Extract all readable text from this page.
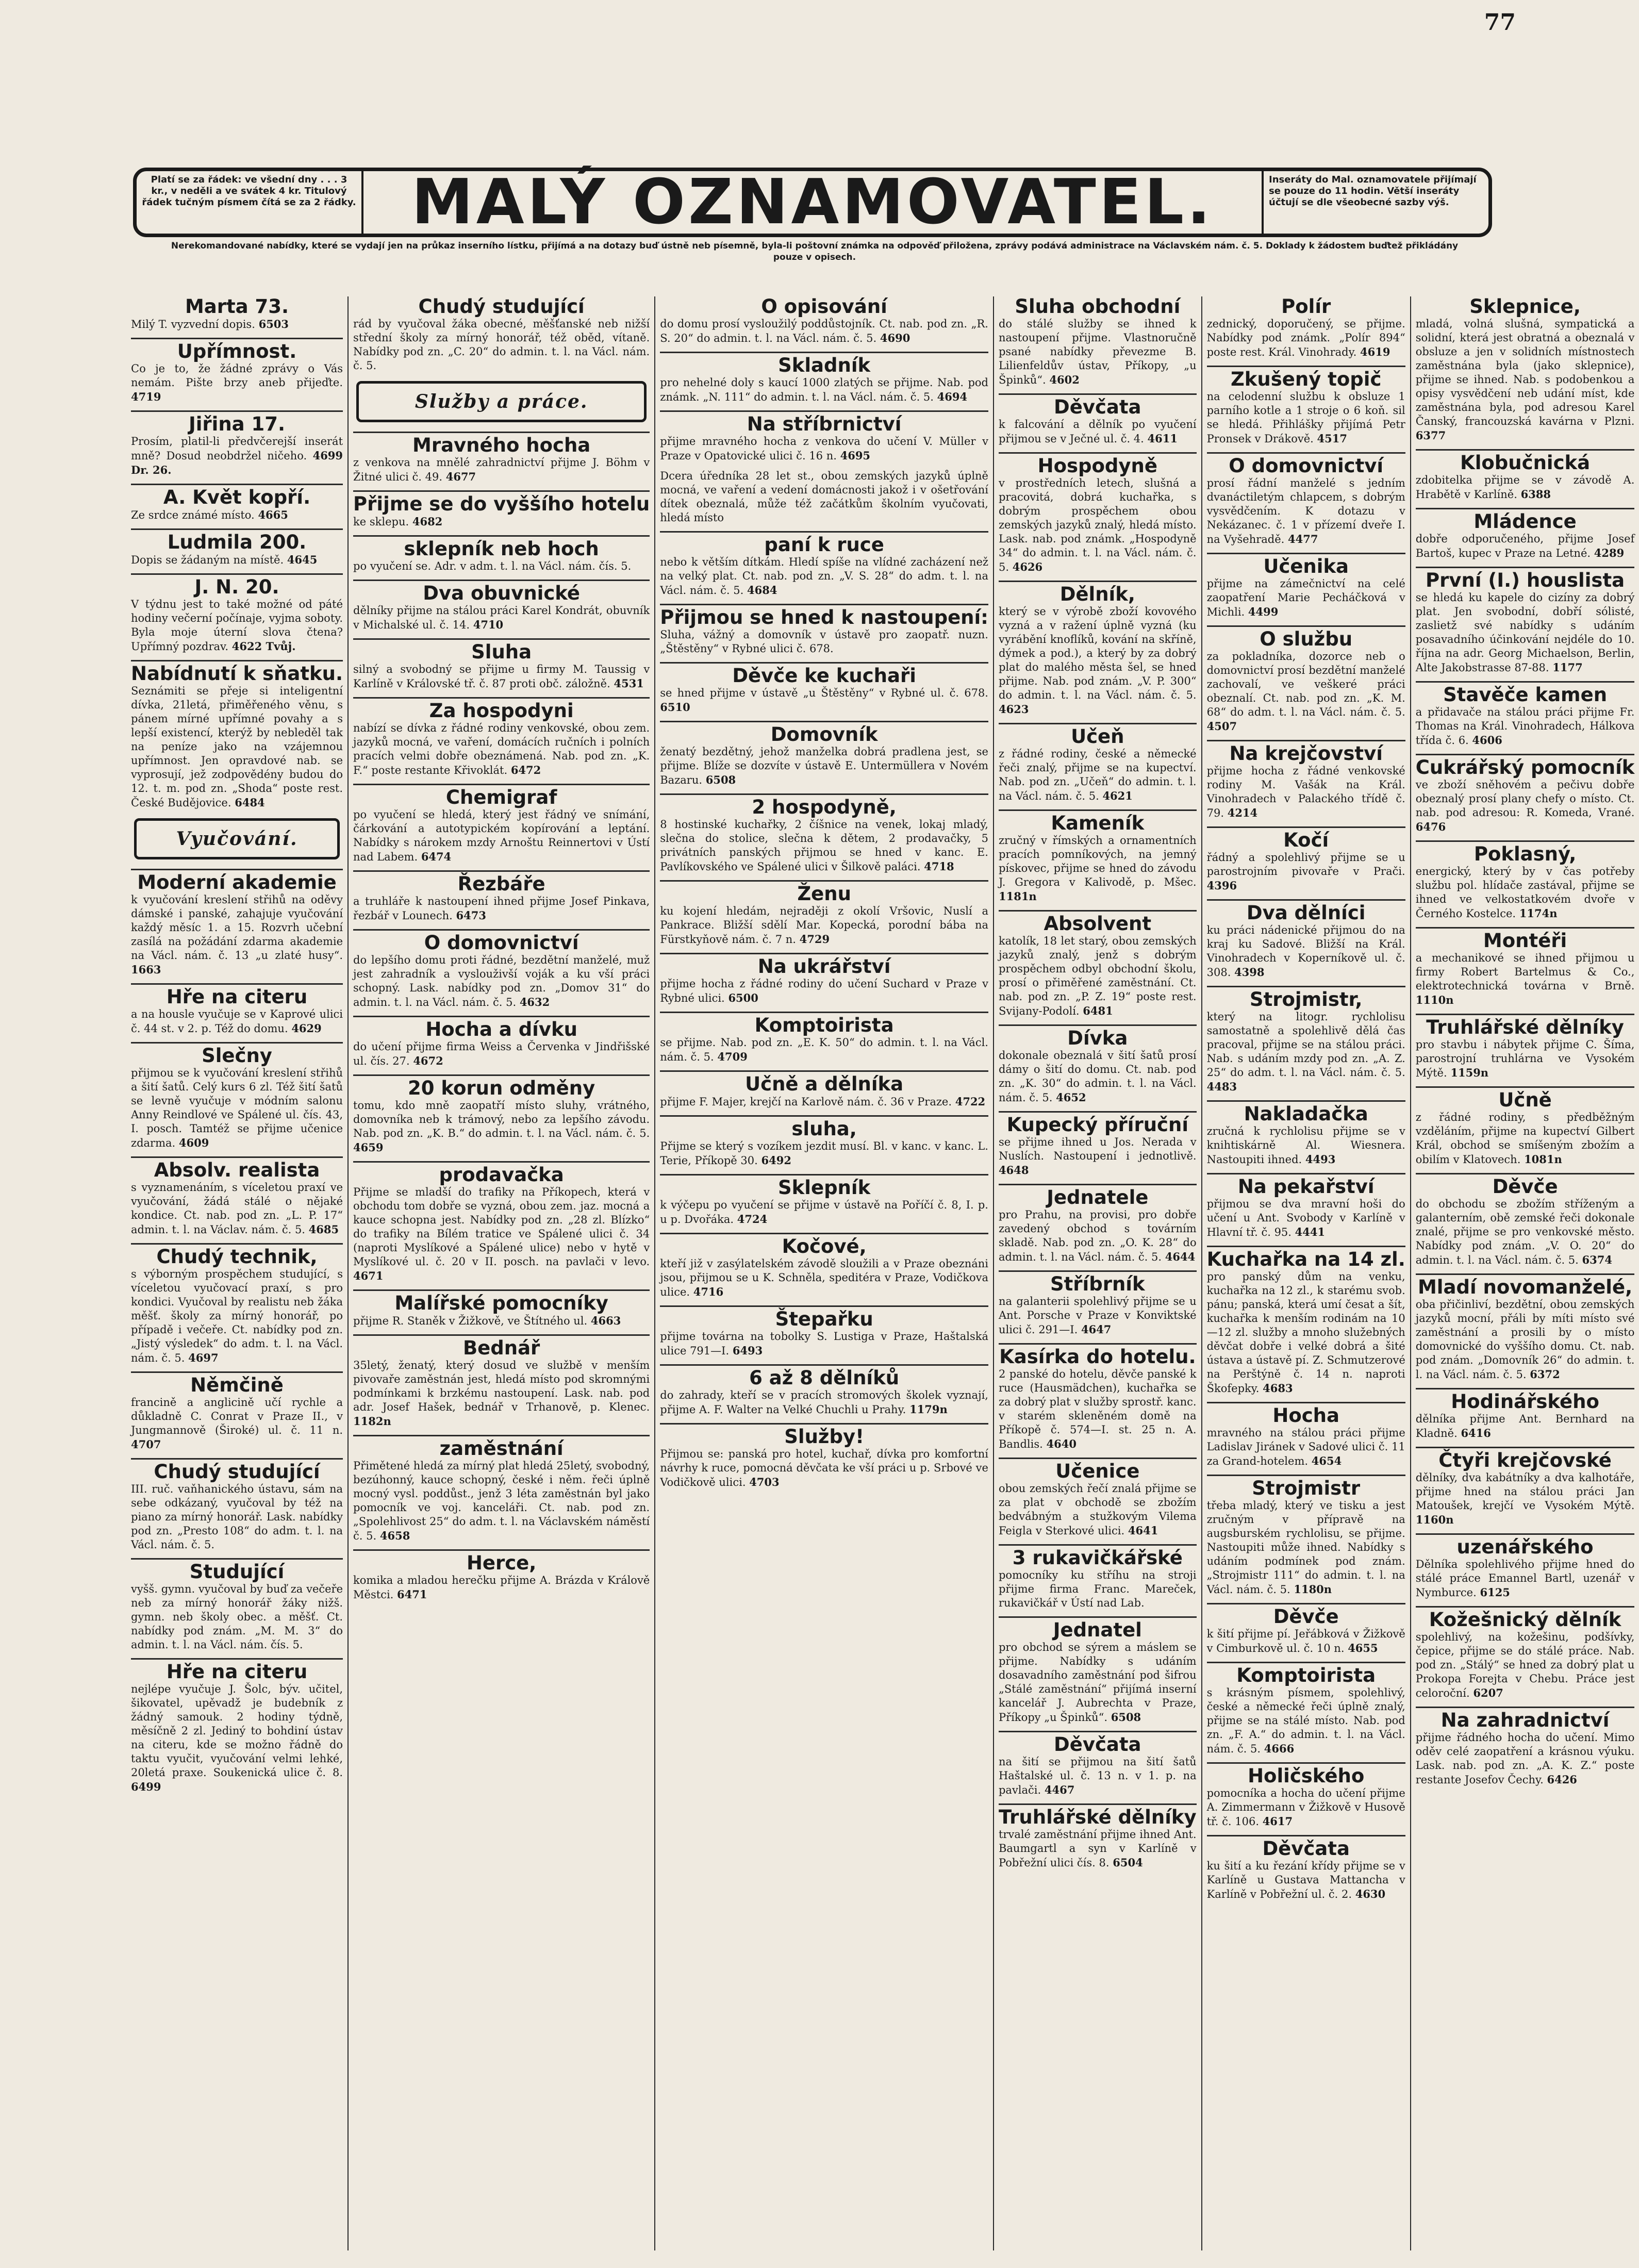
77
Platí se za řádek: ve všední dny . . . 3 kr., v neděli a ve svátek 4 kr. Titulový řádek tučným písmem čítá se za 2 řádky. MALÝ OZNAMOVATEL.	Inseráty do Mal. oznamovatele přijímají se pouze do 11 hodin. Větší inseráty účtují se dle všeobecné sazby výš.
Nerekomandované nabídky, které se vydají jen na průkaz inserního lístku, přijímá a na dotazy buď ústně neb písemně, byla-li poštovní známka na odpověď přiložena, zprávy podává administrace na Václavském nám. č. 5. Doklady k žádostem buďtež přikládány pouze v opisech.
Marta 73.
Milý T. vyzvední dopis. 6503
Upřímnost.
Co je to, že žádné zprávy o Vás nemám. Pište brzy aneb přijeďte. 4719
Jiřina 17.
Prosím, platil-li předvčerejší inserát mně? Dosud neobdržel ničeho. 4699 Dr. 26.
A. Květ kopří.
Ze srdce známé místo. 4665
Ludmila 200.
Dopis se žádaným na místě. 4645
J. N. 20.
V týdnu jest to také možné od páté hodiny večerní počínaje, vyjma soboty. Byla moje úterní slova čtena? Upřímný pozdrav. 4622 Tvůj.
Nabídnutí k sňatku.
Seznámiti se přeje si inteligentní dívka, 21letá, přiměřeného věnu, s pánem mírné upřímné povahy a s lepší existencí, kterýž by nebleděl tak na peníze jako na vzájemnou upřímnost. Jen opravdové nab. se vyprosují, jež zodpovědény budou do 12. t. m. pod zn. „Shoda“ poste rest. České Budějovice. 6484
Vyučování.
Moderní akademie
k vyučování kreslení střihů na oděvy dámské i panské, zahajuje vyučování každý měsíc 1. a 15. Rozvrh učební zasílá na požádání zdarma akademie na Václ. nám. č. 13 „u zlaté husy“. 1663
Hře na citeru
a na housle vyučuje se v Kaprové ulici č. 44 st. v 2. p. Též do domu. 4629
Slečny
přijmou se k vyučování kreslení střihů a šití šatů. Celý kurs 6 zl. Též šití šatů se levně vyučuje v módním salonu Anny Reindlové ve Spálené ul. čís. 43, I. posch. Tamtéž se přijme učenice zdarma. 4609
Absolv. realista
s vyznamenáním, s víceletou praxí ve vyučování, žádá stálé o nějaké kondice. Ct. nab. pod zn. „L. P. 17“ admin. t. l. na Václav. nám. č. 5. 4685
Chudý technik,
s výborným prospěchem studující, s víceletou vyučovací praxí, s pro kondici. Vyučoval by realistu neb žáka měšť. školy za mírný honorář, po případě i večeře. Ct. nabídky pod zn. „Jistý výsledek“ do adm. t. l. na Václ. nám. č. 5. 4697
Němčině
francině a anglicině učí rychle a důkladně C. Conrat v Praze II., v Jungmannově (Široké) ul. č. 11 n. 4707
Chudý studující
III. ruč. vaňhanického ústavu, sám na sebe odkázaný, vyučoval by též na piano za mírný honorář. Lask. nabídky pod zn. „Presto 108“ do adm. t. l. na Václ. nám. č. 5.
Studující
vyšš. gymn. vyučoval by buď za večeře neb za mírný honorář žáky nižš. gymn. neb školy obec. a měšť. Ct. nabídky pod znám. „M. M. 3“ do admin. t. l. na Václ. nám. čís. 5.
Hře na citeru
nejlépe vyučuje J. Šolc, býv. učitel, šikovatel, upěvadž je budebník z žádný samouk. 2 hodiny týdně, měsíčně 2 zl. Jediný to bohdiní ústav na citeru, kde se možno řádně do taktu vyučit, vyučování velmi lehké, 20letá praxe. Soukenická ulice č. 8. 6499
Chudý studující
rád by vyučoval žáka obecné, měšťanské neb nižší střední školy za mírný honorář, též oběd, vítaně. Nabídky pod zn. „C. 20“ do admin. t. l. na Václ. nám. č. 5.
Služby a práce.
Mravného hocha
z venkova na mnělé zahradnictví přijme J. Böhm v Žitné ulici č. 49. 4677
Přijme se do vyššího hotelu
ke sklepu. 4682
sklepník neb hoch
po vyučení se. Adr. v adm. t. l. na Václ. nám. čís. 5.
Dva obuvnické
dělníky přijme na stálou práci Karel Kondrát, obuvník v Michalské ul. č. 14. 4710
Sluha
silný a svobodný se přijme u firmy M. Taussig v Karlíně v Královské tř. č. 87 proti obč. záložně. 4531
Za hospodyni
nabízí se dívka z řádné rodiny venkovské, obou zem. jazyků mocná, ve vaření, domácích ručních i polních pracích velmi dobře obeznámená. Nab. pod zn. „K. F.“ poste restante Křivoklát. 6472
Chemigraf
po vyučení se hledá, který jest řádný ve snímání, čárkování a autotypickém kopírování a leptání. Nabídky s nárokem mzdy Arnoštu Reinnertovi v Ústí nad Labem. 6474
Řezbáře
a truhláře k nastoupení ihned přijme Josef Pinkava, řezbář v Lounech. 6473
O domovnictví
do lepšího domu proti řádné, bezdětní manželé, muž jest zahradník a vyslouživší voják a ku vší práci schopný. Lask. nabídky pod zn. „Domov 31“ do admin. t. l. na Václ. nám. č. 5. 4632
Hocha a dívku
do učení přijme firma Weiss a Červenka v Jindřišské ul. čís. 27. 4672
20 korun odměny
tomu, kdo mně zaopatří místo sluhy, vrátného, domovníka neb k trámový, nebo za lepšího závodu. Nab. pod zn. „K. B.“ do admin. t. l. na Václ. nám. č. 5. 4659
prodavačka
Přijme se mladší do trafiky na Příkopech, která v obchodu tom dobře se vyzná, obou zem. jaz. mocná a kauce schopna jest. Nabídky pod zn. „28 zl. Blízko“ do trafiky na Bílém tratice ve Spálené ulici č. 34 (naproti Myslíkové a Spálené ulice) nebo v hytě v Myslíkové ul. č. 20 v II. posch. na pavlači v levo. 4671
Malířské pomocníky
přijme R. Staněk v Žižkově, ve Štítného ul. 4663
Bednář
35letý, ženatý, který dosud ve službě v menším pivovaře zaměstnán jest, hledá místo pod skromnými podmínkami k brzkému nastoupení. Lask. nab. pod adr. Josef Hašek, bednář v Trhanově, p. Klenec. 1182n
zaměstnání
Přimětené hledá za mírný plat hledá 25letý, svobodný, bezúhonný, kauce schopný, české i něm. řeči úplně mocný vysl. poddůst., jenž 3 léta zaměstnán byl jako pomocník ve voj. kanceláři. Ct. nab. pod zn. „Spolehlivost 25“ do adm. t. l. na Václavském náměstí č. 5. 4658
Herce,
komika a mladou herečku přijme A. Brázda v Králově Městci. 6471
O opisování
do domu prosí vysloužilý poddůstojník. Ct. nab. pod zn. „R. S. 20“ do admin. t. l. na Václ. nám. č. 5. 4690
Skladník
pro nehelné doly s kaucí 1000 zlatých se přijme. Nab. pod známk. „N. 111“ do admin. t. l. na Václ. nám. č. 5. 4694
Na stříbrnictví
přijme mravného hocha z venkova do učení V. Müller v Praze v Opatovické ulici č. 16 n. 4695
Dcera úředníka 28 let st., obou zemských jazyků úplně mocná, ve vaření a vedení domácnosti jakož i v ošetřování dítek obeznalá, může též začátkům školním vyučovati, hledá místo
paní k ruce
nebo k větším dítkám. Hledí spíše na vlídné zacházení než na velký plat. Ct. nab. pod zn. „V. S. 28“ do adm. t. l. na Václ. nám. č. 5. 4684
Přijmou se hned k nastoupení:
Sluha, vážný a domovník v ústavě pro zaopatř. nuzn. „Štěstěny“ v Rybné ulici č. 678.
Děvče ke kuchaři
se hned přijme v ústavě „u Štěstěny“ v Rybné ul. č. 678. 6510
Domovník
ženatý bezdětný, jehož manželka dobrá pradlena jest, se přijme. Blíže se dozvíte v ústavě E. Untermüllera v Novém Bazaru. 6508
2 hospodyně,
8 hostinské kuchařky, 2 číšnice na venek, lokaj mladý, slečna do stolice, slečna k dětem, 2 prodavačky, 5 privátních panských přijmou se hned v kanc. E. Pavlíkovského ve Spálené ulici v Šilkově paláci. 4718
Ženu
ku kojení hledám, nejraději z okolí Vršovic, Nuslí a Pankrace. Bližší sdělí Mar. Kopecká, porodní bába na Fürstkyňově nám. č. 7 n. 4729
Na ukrářství
přijme hocha z řádné rodiny do učení Suchard v Praze v Rybné ulici. 6500
Komptoirista
se přijme. Nab. pod zn. „E. K. 50“ do admin. t. l. na Václ. nám. č. 5. 4709
Učně a dělníka
přijme F. Majer, krejčí na Karlově nám. č. 36 v Praze. 4722
sluha,
Přijme se který s vozíkem jezdit musí. Bl. v kanc. v kanc. L. Terie, Příkopě 30. 6492
Sklepník
k výčepu po vyučení se přijme v ústavě na Poříčí č. 8, I. p. u p. Dvořáka. 4724
Kočové,
kteří již v zasýlatelském závodě sloužili a v Praze obeznáni jsou, přijmou se u K. Schněla, speditéra v Praze, Vodičkova ulice. 4716
Štepařku
přijme továrna na tobolky S. Lustiga v Praze, Haštalská ulice 791—I. 6493
6 až 8 dělníků
do zahrady, kteří se v pracích stromových školek vyznají, přijme A. F. Walter na Velké Chuchli u Prahy. 1179n
Služby!
Přijmou se: panská pro hotel, kuchař, dívka pro komfortní návrhy k ruce, pomocná děvčata ke vší práci u p. Srbové ve Vodičkově ulici. 4703
Sluha obchodní
do stálé služby se ihned k nastoupení přijme. Vlastnoručně psané nabídky převezme B. Lilienfeldův ústav, Příkopy, „u Špinků“. 4602
Děvčata
k falcování a dělník po vyučení přijmou se v Ječné ul. č. 4. 4611
Hospodyně
v prostředních letech, slušná a pracovitá, dobrá kuchařka, s dobrým prospěchem obou zemských jazyků znalý, hledá místo. Lask. nab. pod známk. „Hospodyně 34“ do admin. t. l. na Václ. nám. č. 5. 4626
Dělník,
který se v výrobě zboží kovového vyzná a v ražení úplně vyzná (ku vyrábění knoflíků, kování na skříně, dýmek a pod.), a který by za dobrý plat do malého města šel, se hned přijme. Nab. pod znám. „V. P. 300“ do admin. t. l. na Václ. nám. č. 5. 4623
Učeň
z řádné rodiny, české a německé řeči znalý, přijme se na kupectví. Nab. pod zn. „Učeň“ do admin. t. l. na Václ. nám. č. 5. 4621
Kameník
zručný v římských a ornamentních pracích pomníkových, na jemný pískovec, přijme se hned do závodu J. Gregora v Kalivodě, p. Mšec. 1181n
Absolvent
katolík, 18 let starý, obou zemských jazyků znalý, jenž s dobrým prospěchem odbyl obchodní školu, prosí o přiměřené zaměstnání. Ct. nab. pod zn. „P. Z. 19“ poste rest. Svijany-Podolí. 6481
Dívka
dokonale obeznalá v šití šatů prosí dámy o šití do domu. Ct. nab. pod zn. „K. 30“ do admin. t. l. na Václ. nám. č. 5. 4652
Kupecký příruční
se přijme ihned u Jos. Nerada v Nuslích. Nastoupení i jednotlivě. 4648
Jednatele
pro Prahu, na provisi, pro dobře zavedený obchod s továrním skladě. Nab. pod zn. „O. K. 28“ do admin. t. l. na Václ. nám. č. 5. 4644
Stříbrník
na galanterii spolehlivý přijme se u Ant. Porsche v Praze v Konviktské ulici č. 291—I. 4647
Kasírka do hotelu.
2 panské do hotelu, děvče panské k ruce (Hausmädchen), kuchařka se za dobrý plat v služby sprostř. kanc. v starém skleněném domě na Příkopě č. 574—I. st. 25 n. A. Bandlis. 4640
Učenice
obou zemských řečí znalá přijme se za plat v obchodě se zbožím bedvábným a stužkovým Vilema Feigla v Sterkové ulici. 4641
3 rukavičkářské
pomocníky ku stříhu na stroji přijme firma Franc. Mareček, rukavičkář v Ústí nad Lab.
Jednatel
pro obchod se sýrem a máslem se přijme. Nabídky s udáním dosavadního zaměstnání pod šifrou „Stálé zaměstnání“ přijímá inserní kancelář J. Aubrechta v Praze, Příkopy „u Špinků“. 6508
Děvčata
na šití se přijmou na šití šatů Haštalské ul. č. 13 n. v 1. p. na pavlači. 4467
Truhlářské dělníky
trvalé zaměstnání přijme ihned Ant. Baumgartl a syn v Karlíně v Pobřežní ulici čís. 8. 6504
Polír
zednický, doporučený, se přijme. Nabídky pod známk. „Polír 894“ poste rest. Král. Vinohrady. 4619
Zkušený topič
na celodenní službu k obsluze 1 parního kotle a 1 stroje o 6 koň. sil se hledá. Přihlášky přijímá Petr Pronsek v Drákově. 4517
O domovnictví
prosí řádní manželé s jedním dvanáctiletým chlapcem, s dobrým vysvědčením. K dotazu v Nekázanec. č. 1 v přízemí dveře I. na Vyšehradě. 4477
Učenika
přijme na zámečnictví na celé zaopatření Marie Pecháčková v Michli. 4499
O službu
za pokladníka, dozorce neb o domovnictví prosí bezdětní manželé zachovalí, ve veškeré práci obeznalí. Ct. nab. pod zn. „K. M. 68“ do adm. t. l. na Václ. nám. č. 5. 4507
Na krejčovství
přijme hocha z řádné venkovské rodiny M. Vašák na Král. Vinohradech v Palackého třídě č. 79. 4214
Kočí
řádný a spolehlivý přijme se u parostrojním pivovaře v Prači. 4396
Dva dělníci
ku práci nádenické přijmou do na kraj ku Sadové. Bližší na Král. Vinohradech v Koperníkově ul. č. 308. 4398
Strojmistr,
který na litogr. rychlolisu samostatně a spolehlivě dělá čas pracoval, přijme se na stálou práci. Nab. s udáním mzdy pod zn. „A. Z. 25“ do adm. t. l. na Václ. nám. č. 5. 4483
Nakladačka
zručná k rychlolisu přijme se v knihtiskárně Al. Wiesnera. Nastoupiti ihned. 4493
Na pekařství
přijmou se dva mravní hoši do učení u Ant. Svobody v Karlíně v Hlavní tř. č. 95. 4441
Kuchařka na 14 zl.
pro panský dům na venku, kuchařka na 12 zl., k starému svob. pánu; panská, která umí česat a šít, kuchařka k menším rodinám na 10—12 zl. služby a mnoho služebných děvčat dobře i velké dobrá a šité ústava a ústavě pí. Z. Schmutzerové na Perštýně č. 14 n. naproti Škofepky. 4683
Hocha
mravného na stálou práci přijme Ladislav Jiránek v Sadové ulici č. 11 za Grand-hotelem. 4654
Strojmistr
třeba mladý, který ve tisku a jest zručným v přípravě na augsburském rychlolisu, se přijme. Nastoupiti může ihned. Nabídky s udáním podmínek pod znám. „Strojmistr 111“ do admin. t. l. na Václ. nám. č. 5. 1180n
Děvče
k šití přijme pí. Jeřábková v Žižkově v Cimburkově ul. č. 10 n. 4655
Komptoirista
s krásným písmem, spolehlivý, české a německé řeči úplně znalý, přijme se na stálé místo. Nab. pod zn. „F. A.“ do admin. t. l. na Václ. nám. č. 5. 4666
Holičského
pomocníka a hocha do učení přijme A. Zimmermann v Žižkově v Husově tř. č. 106. 4617
Děvčata
ku šití a ku řezání křídy přijme se v Karlíně u Gustava Mattancha v Karlíně v Pobřežní ul. č. 2. 4630
Sklepnice,
mladá, volná slušná, sympatická a solidní, která jest obratná a obeznalá v obsluze a jen v solidních místnostech zaměstnána byla (jako sklepnice), přijme se ihned. Nab. s podobenkou a opisy vysvědčení neb udání míst, kde zaměstnána byla, pod adresou Karel Čanský, francouzská kavárna v Plzni. 6377
Klobučnická
zdobitelka přijme se v závodě A. Hrabětě v Karlíně. 6388
Mládence
dobře odporučeného, přijme Josef Bartoš, kupec v Praze na Letné. 4289
První (I.) houslista
se hledá ku kapele do cizíny za dobrý plat. Jen svobodní, dobří sólisté, zaslietž své nabídky s udáním posavadního účinkování nejdéle do 10. října na adr. Georg Michaelson, Berlin, Alte Jakobstrasse 87-88. 1177
Stavěče kamen
a přidavače na stálou práci přijme Fr. Thomas na Král. Vinohradech, Hálkova třída č. 6. 4606
Cukrářský pomocník
ve zboží sněhovém a pečivu dobře obeznalý prosí plany chefy o místo. Ct. nab. pod adresou: R. Komeda, Vrané. 6476
Poklasný,
energický, který by v čas potřeby službu pol. hlídače zastával, přijme se ihned ve velkostatkovém dvoře v Černého Kostelce. 1174n
Montéři
a mechanikové se ihned přijmou u firmy Robert Bartelmus & Co., elektrotechnická továrna v Brně. 1110n
Truhlářské dělníky
pro stavbu i nábytek přijme C. Šíma, parostrojní truhlárna ve Vysokém Mýtě. 1159n
Učně
z řádné rodiny, s předběžným vzděláním, přijme na kupectví Gilbert Král, obchod se smíšeným zbožím a obilím v Klatovech. 1081n
Děvče
do obchodu se zbožím stříženým a galanterním, obě zemské řeči dokonale znalé, přijme se pro venkovské město. Nabídky pod znám. „V. O. 20“ do admin. t. l. na Václ. nám. č. 5. 6374
Mladí novomanželé,
oba přičinliví, bezdětní, obou zemských jazyků mocní, přáli by míti místo své zaměstnání a prosili by o místo domovnické do vyššího domu. Ct. nab. pod znám. „Domovník 26“ do admin. t. l. na Václ. nám. č. 5. 6372
Hodinářského
dělníka přijme Ant. Bernhard na Kladně. 6416
Čtyři krejčovské
dělníky, dva kabátníky a dva kalhotáře, přijme hned na stálou práci Jan Matoušek, krejčí ve Vysokém Mýtě. 1160n
uzenářského
Dělníka spolehlivého přijme hned do stálé práce Emannel Bartl, uzenář v Nymburce. 6125
Kožešnický dělník
spolehlivý, na kožešinu, podšívky, čepice, přijme se do stálé práce. Nab. pod zn. „Stálý“ se hned za dobrý plat u Prokopa Forejta v Chebu. Práce jest celoroční. 6207
Na zahradnictví
přijme řádného hocha do učení. Mimo oděv celé zaopatření a krásnou výuku. Lask. nab. pod zn. „A. K. Z.“ poste restante Josefov Čechy. 6426
